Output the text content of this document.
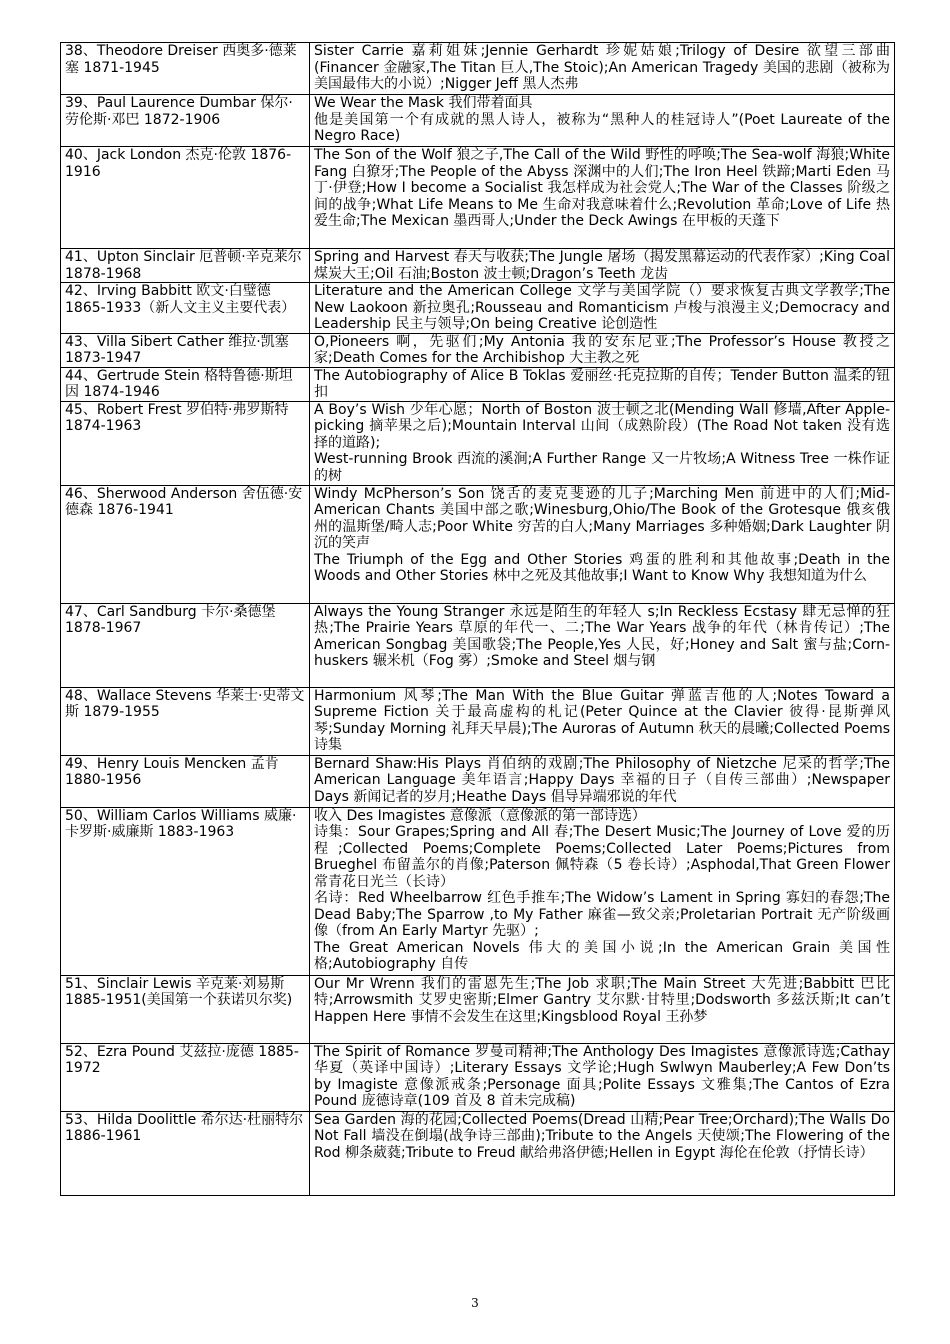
38、Theodore Dreiser 西奥多·德莱塞 1871-1945	Sister Carrie 嘉莉姐妹;Jennie Gerhardt 珍妮姑娘;Trilogy of Desire 欲望三部曲(Financer 金融家,The Titan 巨人,The Stoic);An American Tragedy 美国的悲剧（被称为美国最伟大的小说）;Nigger Jeff 黑人杰弗

39、Paul Laurence Dumbar 保尔·劳伦斯·邓巴 1872-1906	We Wear the Mask 我们带着面具
他是美国第一个有成就的黑人诗人，被称为“黑种人的桂冠诗人”(Poet Laureate of the Negro Race)

40、Jack London 杰克·伦敦 1876-1916	The Son of the Wolf 狼之子,The Call of the Wild 野性的呼唤;The Sea-wolf 海狼;White Fang 白獠牙;The People of the Abyss 深渊中的人们;The Iron Heel 铁蹄;Marti Eden 马丁·伊登;How I become a Socialist 我怎样成为社会党人;The War of the Classes 阶级之间的战争;What Life Means to Me 生命对我意味着什么;Revolution 革命;Love of Life 热爱生命;The Mexican 墨西哥人;Under the Deck Awings 在甲板的天蓬下

41、Upton Sinclair 厄普顿·辛克莱尔 1878-1968	Spring and Harvest 春天与收获;The Jungle 屠场（揭发黑幕运动的代表作家）;King Coal 煤炭大王;Oil 石油;Boston 波士顿;Dragon’s Teeth 龙齿

42、Irving Babbitt 欧文·白璧德 1865-1933（新人文主义主要代表）	Literature and the American College 文学与美国学院（）要求恢复古典文学教学;The New Laokoon 新拉奥孔;Rousseau and Romanticism 卢梭与浪漫主义;Democracy and Leadership 民主与领导;On being Creative 论创造性

43、Villa Sibert Cather 维拉·凯塞 1873-1947	O,Pioneers 啊，先驱们;My Antonia 我的安东尼亚;The Professor’s House 教授之家;Death Comes for the Archibishop 大主教之死

44、Gertrude Stein 格特鲁德·斯坦因 1874-1946	The Autobiography of Alice B Toklas 爱丽丝·托克拉斯的自传；Tender Button 温柔的钮扣

45、Robert Frest 罗伯特·弗罗斯特 1874-1963	A Boy’s Wish 少年心愿；North of Boston 波士顿之北(Mending Wall 修墙,After Apple-picking 摘苹果之后);Mountain Interval 山间（成熟阶段）(The Road Not taken 没有选择的道路);
West-running Brook 西流的溪涧;A Further Range 又一片牧场;A Witness Tree 一株作证的树

46、Sherwood Anderson 舍伍德·安德森 1876-1941	Windy McPherson’s Son 饶舌的麦克斐逊的儿子;Marching Men 前进中的人们;Mid-American Chants 美国中部之歌;Winesburg,Ohio/The Book of the Grotesque 俄亥俄州的温斯堡/畸人志;Poor White 穷苦的白人;Many Marriages 多种婚姻;Dark Laughter 阴沉的笑声
The Triumph of the Egg and Other Stories 鸡蛋的胜利和其他故事;Death in the Woods and Other Stories 林中之死及其他故事;I Want to Know Why 我想知道为什么

47、Carl Sandburg 卡尔·桑德堡 1878-1967	Always the Young Stranger 永远是陌生的年轻人 s;In Reckless Ecstasy 肆无忌惮的狂热;The Prairie Years 草原的年代一、二;The War Years 战争的年代（林肯传记）;The American Songbag 美国歌袋;The People,Yes 人民，好;Honey and Salt 蜜与盐;Corn-huskers 辗米机（Fog 雾）;Smoke and Steel 烟与钢

48、Wallace Stevens 华莱士·史蒂文斯 1879-1955	Harmonium 风琴;The Man With the Blue Guitar 弹蓝吉他的人;Notes Toward a Supreme Fiction 关于最高虚构的札记(Peter Quince at the Clavier 彼得·昆斯弹风琴;Sunday Morning 礼拜天早晨);The Auroras of Autumn 秋天的晨曦;Collected Poems 诗集

49、Henry Louis Mencken 孟肯 1880-1956	Bernard Shaw:His Plays 肖伯纳的戏剧;The Philosophy of Nietzche 尼采的哲学;The American Language 美年语言;Happy Days 幸福的日子（自传三部曲）;Newspaper Days 新闻记者的岁月;Heathe Days 倡导异端邪说的年代

50、William Carlos Williams 威廉·卡罗斯·威廉斯 1883-1963	收入 Des Imagistes 意像派（意像派的第一部诗选）
诗集：Sour Grapes;Spring and All 春;The Desert Music;The Journey of Love 爱的历程;Collected Poems;Complete Poems;Collected Later Poems;Pictures from Brueghel 布留盖尔的肖像;Paterson 佩特森（5 卷长诗）;Asphodal,That Green Flower 常青花日光兰（长诗）
名诗：Red Wheelbarrow 红色手推车;The Widow’s Lament in Spring 寡妇的春怨;The Dead Baby;The Sparrow ,to My Father 麻雀—致父亲;Proletarian Portrait 无产阶级画像（from An Early Martyr 先驱）;
The Great American Novels 伟大的美国小说;In the American Grain 美国性格;Autobiography 自传

51、Sinclair Lewis 辛克莱·刘易斯 1885-1951(美国第一个获诺贝尔奖)	Our Mr Wrenn 我们的雷恩先生;The Job 求职;The Main Street 大先进;Babbitt 巴比特;Arrowsmith 艾罗史密斯;Elmer Gantry 艾尔默·甘特里;Dodsworth 多兹沃斯;It can’t Happen Here 事情不会发生在这里;Kingsblood Royal 王孙梦

52、Ezra Pound 艾兹拉·庞德 1885-1972	The Spirit of Romance 罗曼司精神;The Anthology Des Imagistes 意像派诗选;Cathay 华夏（英译中国诗）;Literary Essays 文学论;Hugh Swlwyn Mauberley;A Few Don’ts by Imagiste 意像派戒条;Personage 面具;Polite Essays 文雅集;The Cantos of Ezra Pound 庞德诗章(109 首及 8 首未完成稿)

53、Hilda Doolittle 希尔达·杜丽特尔 1886-1961	Sea Garden 海的花园;Collected Poems(Dread 山精;Pear Tree;Orchard);The Walls Do Not Fall 墙没在倒塌(战争诗三部曲);Tribute to the Angels 天使颂;The Flowering of the Rod 柳条葳蕤;Tribute to Freud 献给弗洛伊德;Hellen in Egypt 海伦在伦敦（抒情长诗）
3
